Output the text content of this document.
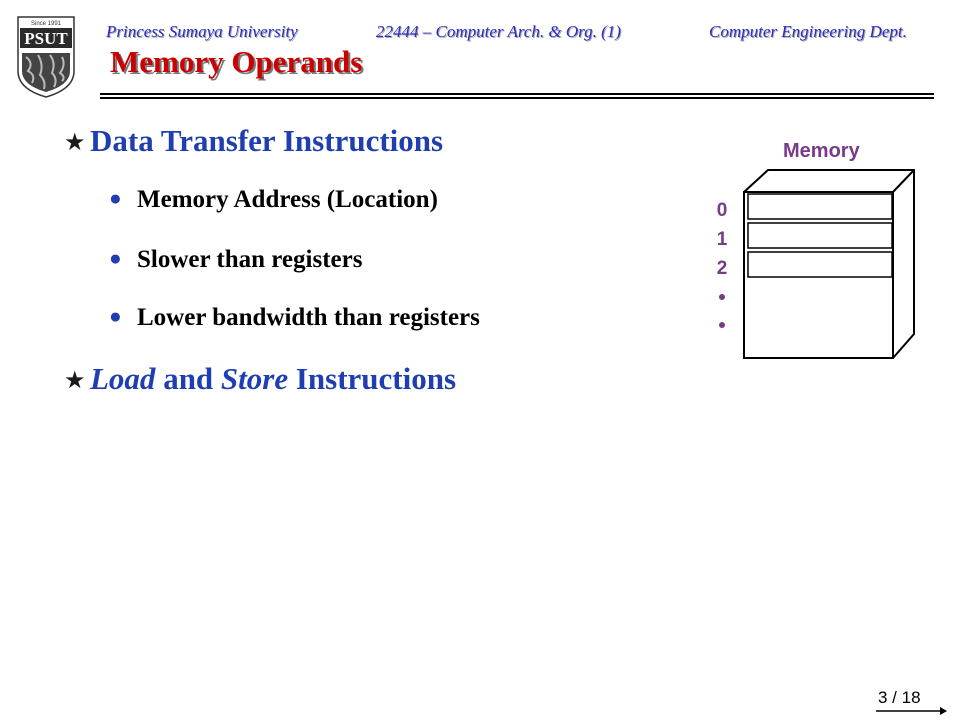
Since 1991
PSUT Princess Sumaya University	22444 – Computer Arch. & Org. (1)	Computer Engineering Dept.
Memory Operands
★ Data Transfer Instructions
● Memory Address (Location)
● Slower than registers
● Lower bandwidth than registers
★ Load and Store Instructions
Memory
0
1
2
3 / 18
